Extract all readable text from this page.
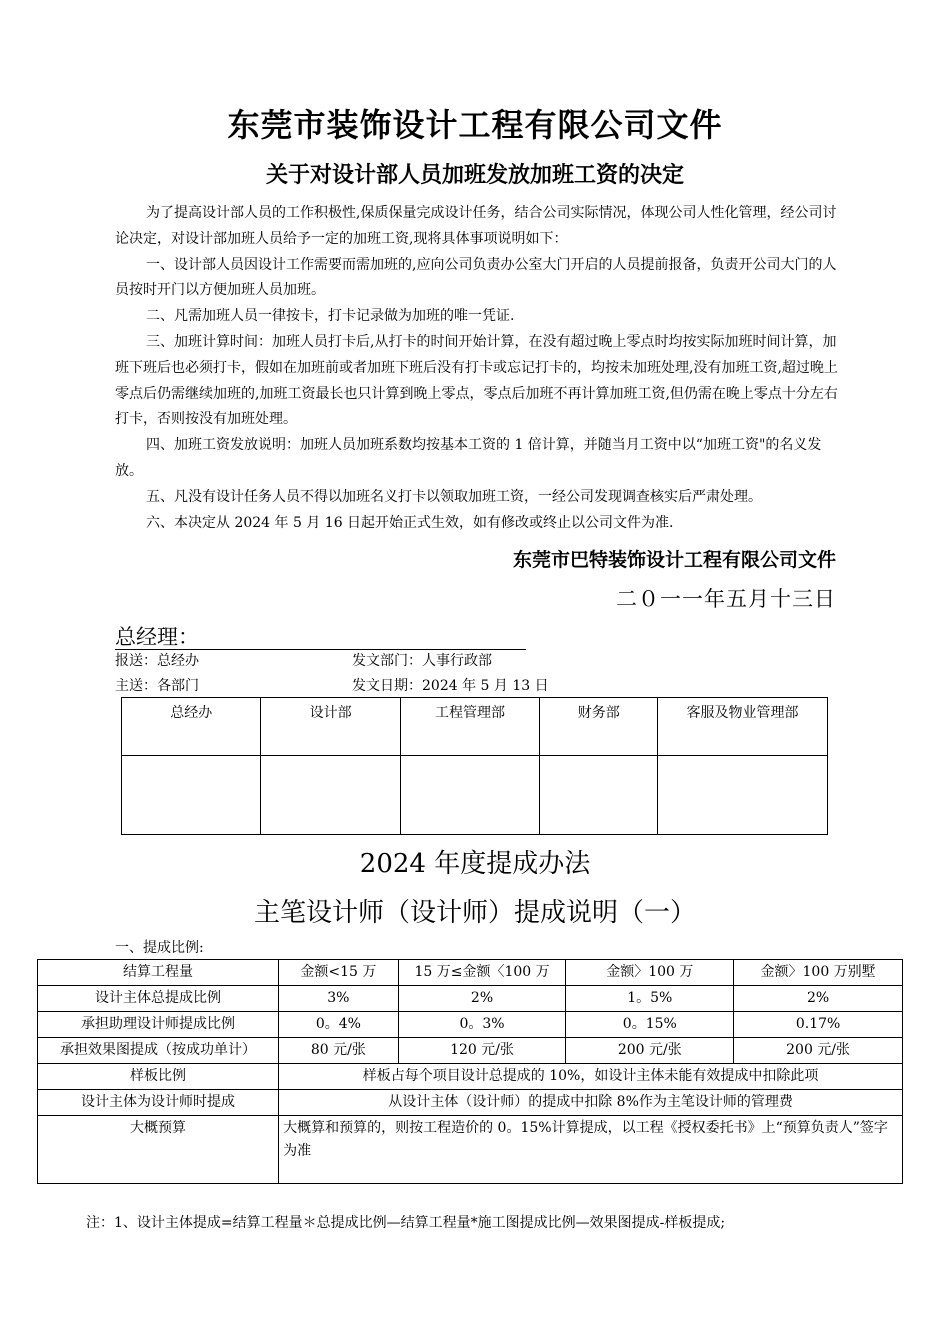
东莞市装饰设计工程有限公司文件
关于对设计部人员加班发放加班工资的决定

为了提高设计部人员的工作积极性,保质保量完成设计任务，结合公司实际情况，体现公司人性化管理，经公司讨论决定，对设计部加班人员给予一定的加班工资,现将具体事项说明如下：

一、设计部人员因设计工作需要而需加班的,应向公司负责办公室大门开启的人员提前报备，负责开公司大门的人员按时开门以方便加班人员加班。

二、凡需加班人员一律按卡，打卡记录做为加班的唯一凭证.

三、加班计算时间：加班人员打卡后,从打卡的时间开始计算，在没有超过晚上零点时均按实际加班时间计算，加班下班后也必须打卡，假如在加班前或者加班下班后没有打卡或忘记打卡的，均按未加班处理,没有加班工资,超过晚上零点后仍需继续加班的,加班工资最长也只计算到晚上零点，零点后加班不再计算加班工资,但仍需在晚上零点十分左右打卡，否则按没有加班处理。

四、加班工资发放说明：加班人员加班系数均按基本工资的 1 倍计算，并随当月工资中以“加班工资"的名义发放。

五、凡没有设计任务人员不得以加班名义打卡以领取加班工资，一经公司发现调查核实后严肃处理。

六、本决定从 2024 年 5 月 16 日起开始正式生效，如有修改或终止以公司文件为准.

东莞市巴特装饰设计工程有限公司文件
二０一一年五月十三日
总经理：
报送：总经办	发文部门：人事行政部
主送：各部门	发文日期：2024 年 5 月 13 日
总经办	设计部	工程管理部	财务部	客服及物业管理部

2024 年度提成办法
主笔设计师（设计师）提成说明（一）
一、提成比例:
结算工程量	金额<15 万	15 万≤金额〈100 万	金额〉100 万	金额〉100 万别墅
设计主体总提成比例	3%	2%	1。5%	2%
承担助理设计师提成比例	0。4%	0。3%	0。15%	0.17%
承担效果图提成（按成功单计）	80 元/张	120 元/张	200 元/张	200 元/张
样板比例	样板占每个项目设计总提成的 10%，如设计主体未能有效提成中扣除此项			
设计主体为设计师时提成	从设计主体（设计师）的提成中扣除 8%作为主笔设计师的管理费			
大概预算	大概算和预算的，则按工程造价的 0。15%计算提成，以工程《授权委托书》上“预算负责人”签字为准			
注：1、设计主体提成=结算工程量＊总提成比例—结算工程量*施工图提成比例—效果图提成-样板提成;
